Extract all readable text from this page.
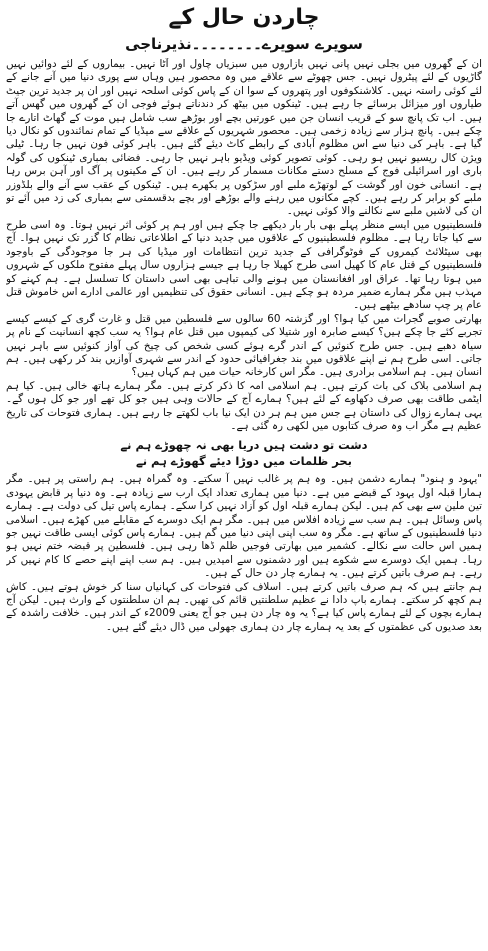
چاردن حال کے
سویرے سویرے۔۔۔۔۔۔۔۔نذیرناجی

ان کے گھروں میں بجلی نہیں پانی نہیں بازاروں میں سبزیاں چاول اور آٹا نہیں۔ بیماروں کے لئے دوائیں نہیں گاڑیوں کے لئے پیٹرول نہیں۔ جس چھوٹے سے علاقے میں وہ محصور ہیں وہاں سے پوری دنیا میں آنے جانے کے لئے کوئی راستہ نہیں۔ کلاشنکوفوں اور پتھروں کے سوا ان کے پاس کوئی اسلحہ نہیں اور ان پر جدید ترین جیٹ طیاروں اور میزائل برسائے جا رہے ہیں۔ ٹینکوں میں بیٹھ کر دندناتے ہوئے فوجی ان کے گھروں میں گھس آتے ہیں۔ اب تک پانچ سو کے قریب انسان جن میں عورتیں بچے اور بوڑھے سب شامل ہیں موت کے گھاٹ اتارے جا چکے ہیں۔ پانچ ہزار سے زیادہ زخمی ہیں۔ محصور شہریوں کے علاقے سے میڈیا کے تمام نمائندوں کو نکال دیا گیا ہے۔ باہر کی دنیا سے اس مظلوم آبادی کے رابطے کاٹ دیئے گئے ہیں۔ باہر کوئی فون نہیں جا رہا۔ ٹیلی ویژن کال ریسیو نہیں ہو رہی۔ کوئی تصویر کوئی ویڈیو باہر نہیں جا رہی۔ فضائی بمباری ٹینکوں کی گولہ باری اور اسرائیلی فوج کے مسلح دستے مکانات مسمار کر رہے ہیں۔ ان کے مکینوں پر آگ اور آہن برس رہا ہے۔ انسانی خون اور گوشت کے لوتھڑے ملبے اور سڑکوں پر بکھرے ہیں۔ ٹینکوں کے عقب سے آنے والے بلڈوزر ملبے کو برابر کر رہے ہیں۔ کچے مکانوں میں رہنے والے بوڑھے اور بچے بدقسمتی سے بمباری کی زد میں آئے تو ان کی لاشیں ملبے سے نکالنے والا کوئی نہیں۔

فلسطینیوں میں ایسے منظر پہلے بھی بار بار دیکھے جا چکے ہیں اور ہم پر کوئی اثر نہیں ہوتا۔ وہ اسی طرح سے کیا جاتا رہا ہے۔ مظلوم فلسطینیوں کے علاقوں میں جدید دنیا کے اطلاعاتی نظام کا گزر تک نہیں ہوا۔ آج بھی سیٹلائٹ کیمروں کے فوٹوگرافی کے جدید ترین انتظامات اور میڈیا کی ہر جا موجودگی کے باوجود فلسطینیوں کے قتل عام کا کھیل اسی طرح کھیلا جا رہا ہے جیسے ہزاروں سال پہلے مفتوح ملکوں کے شہروں میں ہوتا رہا تھا۔ عراق اور افغانستان میں ہونے والی تباہی بھی اسی داستان کا تسلسل ہے۔ ہم کہنے کو مہذب ہیں مگر ہمارے ضمیر مردہ ہو چکے ہیں۔ انسانی حقوق کی تنظیمیں اور عالمی ادارے اس خاموش قتل عام پر چپ سادھے بیٹھے ہیں۔

بھارتی صوبے گجرات میں کیا ہوا؟ اور گزشتہ 60 سالوں سے فلسطین میں قتل و غارت گری کے کیسے کیسے تجربے کئے جا چکے ہیں؟ کیسے صابرہ اور شتیلا کی کیمپوں میں قتل عام ہوا؟ یہ سب کچھ انسانیت کے نام پر سیاہ دھبے ہیں۔ جس طرح کنوئیں کے اندر گرے ہوئے کسی شخص کی چیخ کی آواز کنوئیں سے باہر نہیں جاتی۔ اسی طرح ہم نے اپنے علاقوں میں بند جغرافیائی حدود کے اندر سے شہری آوازیں بند کر رکھی ہیں۔ ہم انسان ہیں۔ ہم اسلامی برادری ہیں۔ مگر اس کارخانہ حیات میں ہم کہاں ہیں؟

ہم اسلامی بلاک کی بات کرتے ہیں۔ ہم اسلامی امہ کا ذکر کرتے ہیں۔ مگر ہمارے ہاتھ خالی ہیں۔ کیا ہم ایٹمی طاقت بھی صرف دکھاوے کے لئے ہیں؟ ہمارے آج کے حالات وہی ہیں جو کل تھے اور جو کل ہوں گے۔ یہی ہمارے زوال کی داستان ہے جس میں ہم ہر دن ایک نیا باب لکھتے جا رہے ہیں۔ ہماری فتوحات کی تاریخ عظیم ہے مگر اب وہ صرف کتابوں میں لکھی رہ گئی ہے۔

دشت تو دشت ہیں دریا بھی نہ چھوڑے ہم نے
بحر ظلمات میں دوڑا دیئے گھوڑے ہم نے

"یہود و ہنود" ہمارے دشمن ہیں۔ وہ ہم پر غالب نہیں آ سکتے۔ وہ گمراہ ہیں۔ ہم راستی پر ہیں۔ مگر ہمارا قبلہ اول یہود کے قبضے میں ہے۔ دنیا میں ہماری تعداد ایک ارب سے زیادہ ہے۔ وہ دنیا پر قابض یہودی تین ملین سے بھی کم ہیں۔ لیکن ہمارے قبلہ اول کو آزاد نہیں کرا سکے۔ ہمارے پاس تیل کی دولت ہے۔ ہمارے پاس وسائل ہیں۔ ہم سب سے زیادہ افلاس میں ہیں۔ مگر ہم ایک دوسرے کے مقابلے میں کھڑے ہیں۔ اسلامی دنیا فلسطینیوں کے ساتھ ہے۔ مگر وہ سب اپنی اپنی دنیا میں گم ہیں۔ ہمارے پاس کوئی ایسی طاقت نہیں جو ہمیں اس حالت سے نکالے۔ کشمیر میں بھارتی فوجیں ظلم ڈھا رہی ہیں۔ فلسطین پر قبضہ ختم نہیں ہو رہا۔ ہمیں ایک دوسرے سے شکوے ہیں اور دشمنوں سے امیدیں ہیں۔ ہم سب اپنے اپنے حصے کا کام نہیں کر رہے۔ ہم صرف باتیں کرتے ہیں۔ یہ ہمارے چار دن حال کے ہیں۔

ہم جانتے ہیں کہ ہم صرف باتیں کرتے ہیں۔ اسلاف کی فتوحات کی کہانیاں سنا کر خوش ہوتے ہیں۔ کاش ہم کچھ کر سکتے۔ ہمارے باپ دادا نے عظیم سلطنتیں قائم کی تھیں۔ ہم ان سلطنتوں کے وارث ہیں۔ لیکن آج ہمارے بچوں کے لئے ہمارے پاس کیا ہے؟ یہ وہ چار دن ہیں جو آج یعنی 2009ء کے اندر ہیں۔ خلافت راشدہ کے بعد صدیوں کی عظمتوں کے بعد یہ ہمارے چار دن ہماری جھولی میں ڈال دیئے گئے ہیں۔
